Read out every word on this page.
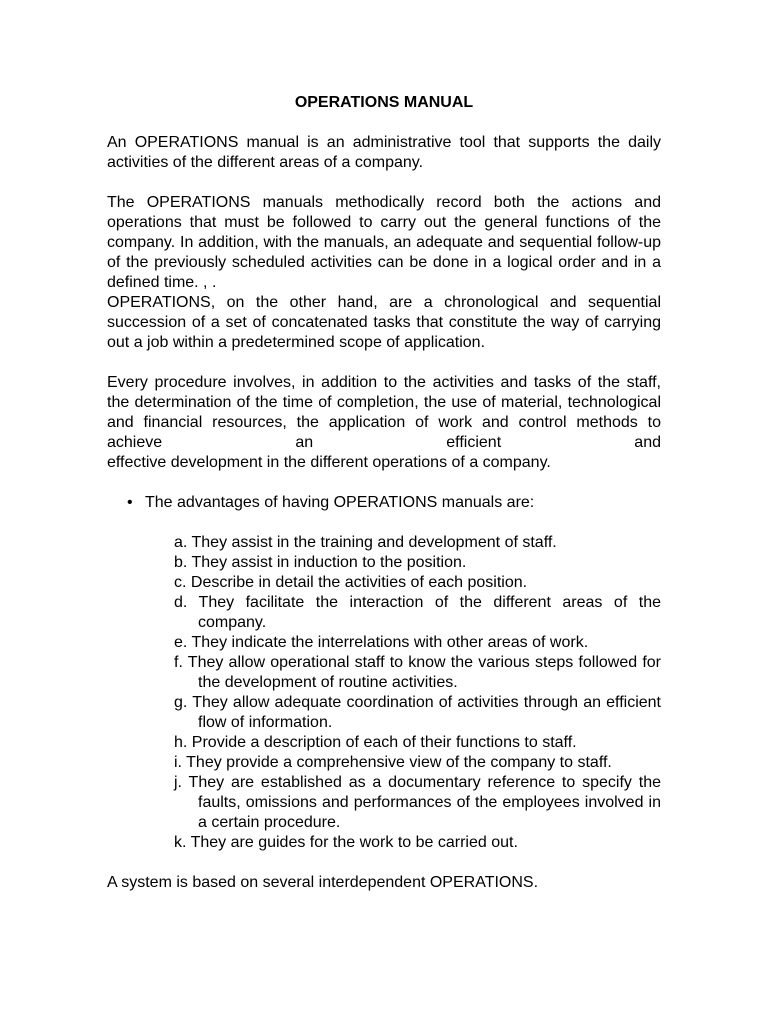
OPERATIONS MANUAL

An OPERATIONS manual is an administrative tool that supports the daily activities of the different areas of a company.

The OPERATIONS manuals methodically record both the actions and operations that must be followed to carry out the general functions of the company. In addition, with the manuals, an adequate and sequential follow-up of the previously scheduled activities can be done in a logical order and in a

defined time. , .

OPERATIONS, on the other hand, are a chronological and sequential succession of a set of concatenated tasks that constitute the way of carrying out a job within a predetermined scope of application.

Every procedure involves, in addition to the activities and tasks of the staff, the determination of the time of completion, the use of material, technological and financial resources, the application of work and control methods to achieve an efficient and

effective development in the different operations of a company.

• The advantages of having OPERATIONS manuals are:
a. They assist in the training and development of staff.
b. They assist in induction to the position.
c. Describe in detail the activities of each position.
d. They facilitate the interaction of the different areas of the company.
e. They indicate the interrelations with other areas of work.
f. They allow operational staff to know the various steps followed for the development of routine activities.
g. They allow adequate coordination of activities through an efficient flow of information.
h. Provide a description of each of their functions to staff.
i. They provide a comprehensive view of the company to staff.
j. They are established as a documentary reference to specify the faults, omissions and performances of the employees involved in a certain procedure.
k. They are guides for the work to be carried out.

A system is based on several interdependent OPERATIONS.
